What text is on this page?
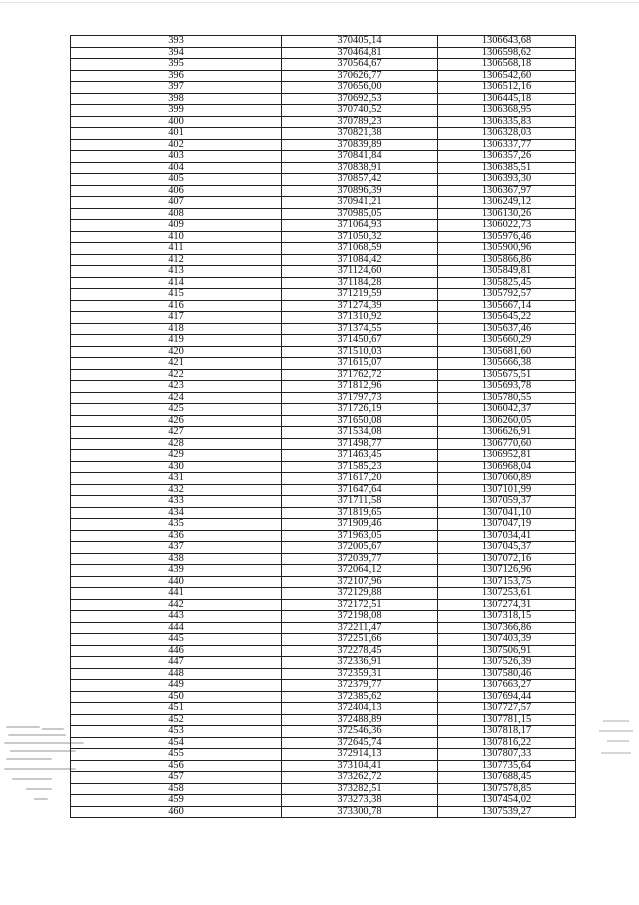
393	370405,14	1306643,68
394	370464,81	1306598,62
395	370564,67	1306568,18
396	370626,77	1306542,60
397	370656,00	1306512,16
398	370692,53	1306445,18
399	370740,52	1306368,95
400	370789,23	1306335,83
401	370821,38	1306328,03
402	370839,89	1306337,77
403	370841,84	1306357,26
404	370838,91	1306385,51
405	370857,42	1306393,30
406	370896,39	1306367,97
407	370941,21	1306249,12
408	370985,05	1306130,26
409	371064,93	1306022,73
410	371050,32	1305976,46
411	371068,59	1305900,96
412	371084,42	1305866,86
413	371124,60	1305849,81
414	371184,28	1305825,45
415	371219,59	1305792,57
416	371274,39	1305667,14
417	371310,92	1305645,22
418	371374,55	1305637,46
419	371450,67	1305660,29
420	371510,03	1305681,60
421	371615,07	1305666,38
422	371762,72	1305675,51
423	371812,96	1305693,78
424	371797,73	1305780,55
425	371726,19	1306042,37
426	371650,08	1306260,05
427	371534,08	1306626,91
428	371498,77	1306770,60
429	371463,45	1306952,81
430	371585,23	1306968,04
431	371617,20	1307060,89
432	371647,64	1307101,99
433	371711,58	1307059,37
434	371819,65	1307041,10
435	371909,46	1307047,19
436	371963,05	1307034,41
437	372005,67	1307045,37
438	372039,77	1307072,16
439	372064,12	1307126,96
440	372107,96	1307153,75
441	372129,88	1307253,61
442	372172,51	1307274,31
443	372198,08	1307318,15
444	372211,47	1307366,86
445	372251,66	1307403,39
446	372278,45	1307506,91
447	372336,91	1307526,39
448	372359,31	1307580,46
449	372379,77	1307663,27
450	372385,62	1307694,44
451	372404,13	1307727,57
452	372488,89	1307781,15
453	372546,36	1307818,17
454	372645,74	1307816,22
455	372914,13	1307807,33
456	373104,41	1307735,64
457	373262,72	1307688,45
458	373282,51	1307578,85
459	373273,38	1307454,02
460	373300,78	1307539,27
